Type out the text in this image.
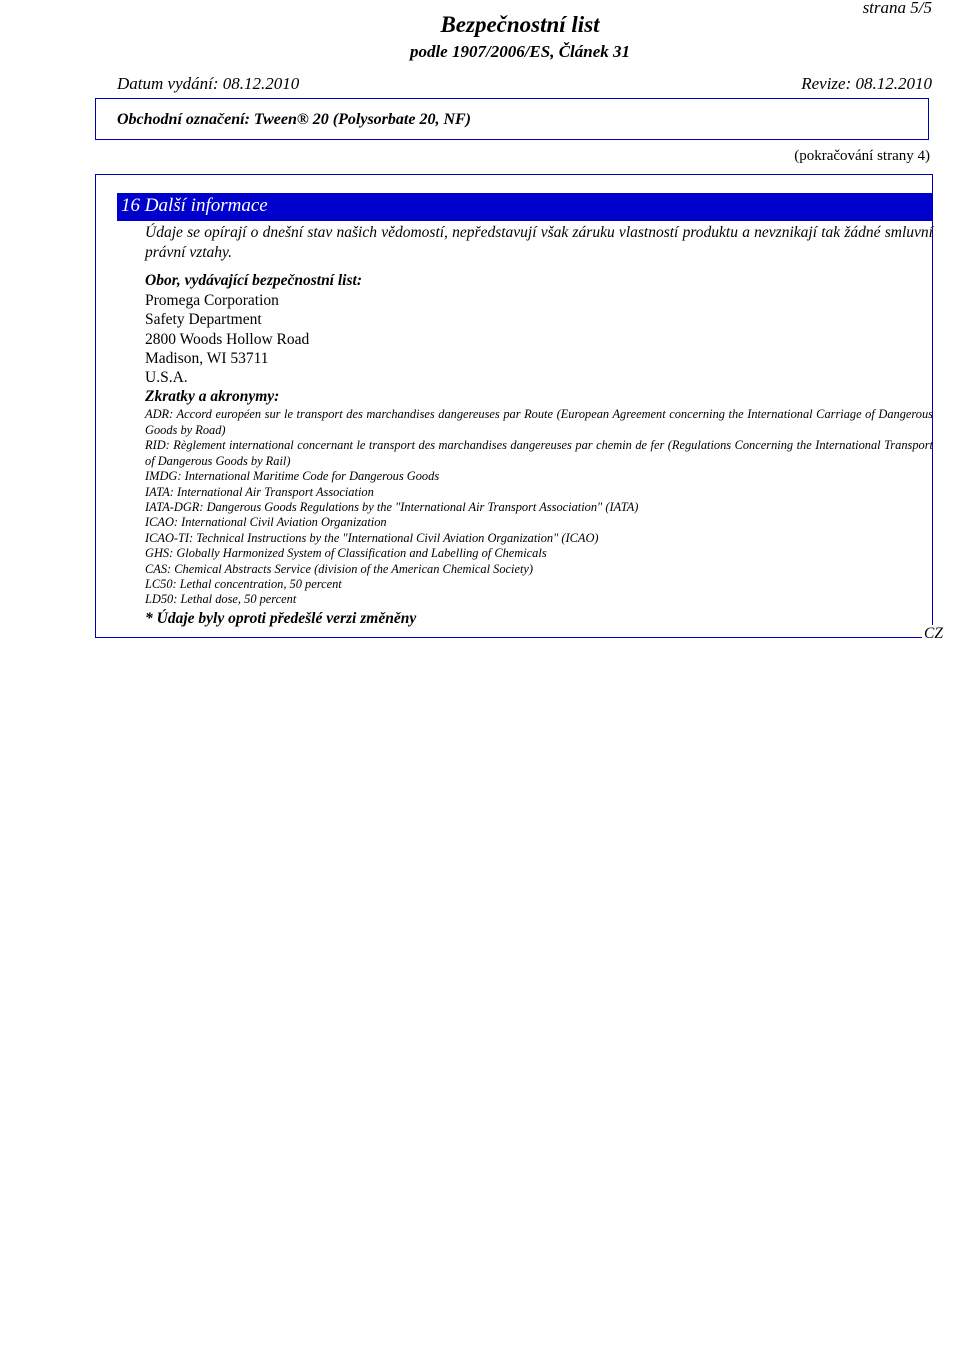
strana 5/5
Bezpečnostní list
podle 1907/2006/ES, Článek 31
Datum vydání: 08.12.2010	Revize: 08.12.2010
Obchodní označení: Tween® 20 (Polysorbate 20, NF)
(pokračování strany 4)
16 Další informace

Údaje se opírají o dnešní stav našich vědomostí, nepředstavují však záruku vlastností produktu a nevznikají tak žádné smluvní právní vztahy.

Obor, vydávající bezpečnostní list:
Promega Corporation
Safety Department
2800 Woods Hollow Road
Madison, WI 53711
U.S.A.
Zkratky a akronymy:
ADR: Accord européen sur le transport des marchandises dangereuses par Route (European Agreement concerning the International Carriage of Dangerous Goods by Road)
RID: Règlement international concernant le transport des marchandises dangereuses par chemin de fer (Regulations Concerning the International Transport of Dangerous Goods by Rail)
IMDG: International Maritime Code for Dangerous Goods
IATA: International Air Transport Association
IATA-DGR: Dangerous Goods Regulations by the "International Air Transport Association" (IATA)
ICAO: International Civil Aviation Organization
ICAO-TI: Technical Instructions by the "International Civil Aviation Organization" (ICAO)
GHS: Globally Harmonized System of Classification and Labelling of Chemicals
CAS: Chemical Abstracts Service (division of the American Chemical Society)
LC50: Lethal concentration, 50 percent
LD50: Lethal dose, 50 percent
* Údaje byly oproti předešlé verzi změněny
CZ
